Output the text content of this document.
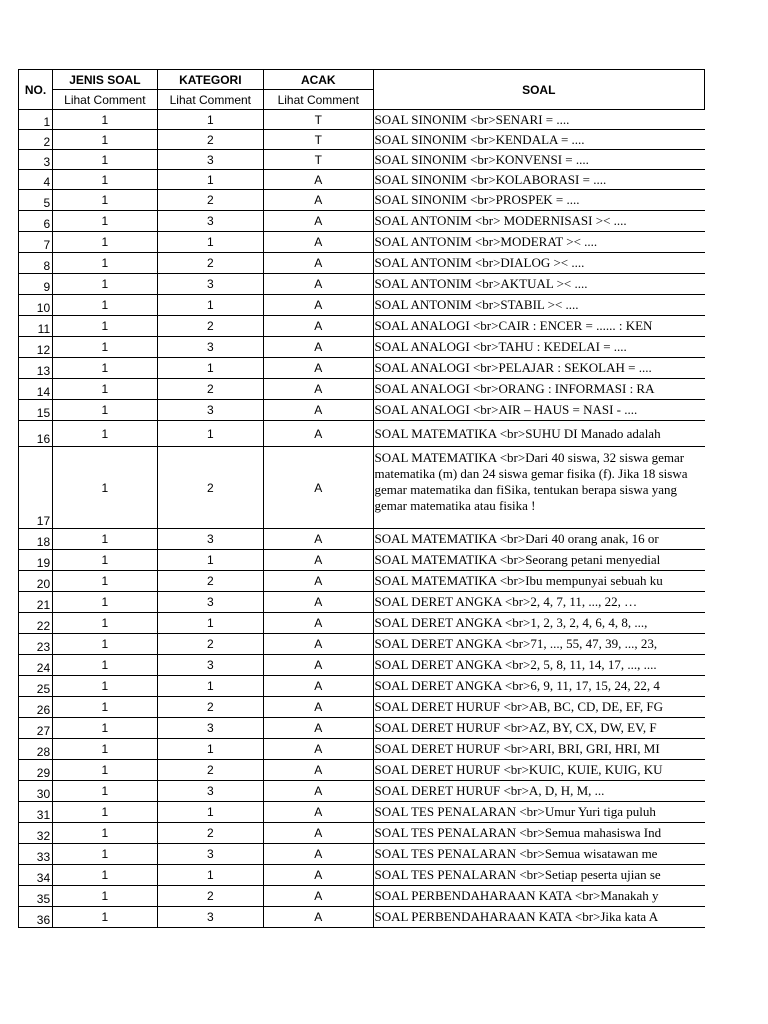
NO.	JENIS SOAL	KATEGORI	ACAK	SOAL
	Lihat Comment	Lihat Comment	Lihat Comment	
1	1	1	T	SOAL SINONIM <br>SENARI = ....
2	1	2	T	SOAL SINONIM <br>KENDALA = ....
3	1	3	T	SOAL SINONIM <br>KONVENSI = ....
4	1	1	A	SOAL SINONIM <br>KOLABORASI = ....
5	1	2	A	SOAL SINONIM <br>PROSPEK = ....
6	1	3	A	SOAL ANTONIM <br> MODERNISASI >< ....
7	1	1	A	SOAL ANTONIM <br>MODERAT >< ....
8	1	2	A	SOAL ANTONIM <br>DIALOG >< ....
9	1	3	A	SOAL ANTONIM <br>AKTUAL >< ....
10	1	1	A	SOAL ANTONIM <br>STABIL >< ....
11	1	2	A	SOAL ANALOGI <br>CAIR : ENCER = ...... : KEN
12	1	3	A	SOAL ANALOGI <br>TAHU : KEDELAI = ....
13	1	1	A	SOAL ANALOGI <br>PELAJAR : SEKOLAH = ....
14	1	2	A	SOAL ANALOGI <br>ORANG : INFORMASI : RA
15	1	3	A	SOAL ANALOGI <br>AIR – HAUS = NASI - ....
16	1	1	A	SOAL MATEMATIKA <br>SUHU DI Manado adalah
17	1	2	A	SOAL MATEMATIKA <br>Dari 40 siswa, 32 siswa gemar matematika (m) dan 24 siswa gemar fisika (f). Jika 18 siswa gemar matematika dan fiSika, tentukan berapa siswa yang gemar matematika atau fisika !
18	1	3	A	SOAL MATEMATIKA <br>Dari 40 orang anak, 16 or
19	1	1	A	SOAL MATEMATIKA <br>Seorang petani menyedial
20	1	2	A	SOAL MATEMATIKA <br>Ibu mempunyai sebuah ku
21	1	3	A	SOAL DERET ANGKA <br>2, 4, 7, 11, ..., 22, …
22	1	1	A	SOAL DERET ANGKA <br>1, 2, 3, 2, 4, 6, 4, 8, ...,
23	1	2	A	SOAL DERET ANGKA <br>71, ..., 55, 47, 39, ..., 23,
24	1	3	A	SOAL DERET ANGKA <br>2, 5, 8, 11, 14, 17, ..., ....
25	1	1	A	SOAL DERET ANGKA <br>6, 9, 11, 17, 15, 24, 22, 4
26	1	2	A	SOAL DERET HURUF <br>AB, BC, CD, DE, EF, FG
27	1	3	A	SOAL DERET HURUF <br>AZ, BY, CX, DW, EV, F
28	1	1	A	SOAL DERET HURUF <br>ARI, BRI, GRI, HRI, MI
29	1	2	A	SOAL DERET HURUF <br>KUIC, KUIE, KUIG, KU
30	1	3	A	SOAL DERET HURUF <br>A, D, H, M, ...
31	1	1	A	SOAL TES PENALARAN <br>Umur Yuri tiga puluh
32	1	2	A	SOAL TES PENALARAN <br>Semua mahasiswa Ind
33	1	3	A	SOAL TES PENALARAN <br>Semua wisatawan me
34	1	1	A	SOAL TES PENALARAN <br>Setiap peserta ujian se
35	1	2	A	SOAL PERBENDAHARAAN KATA <br>Manakah y
36	1	3	A	SOAL PERBENDAHARAAN KATA <br>Jika kata A
